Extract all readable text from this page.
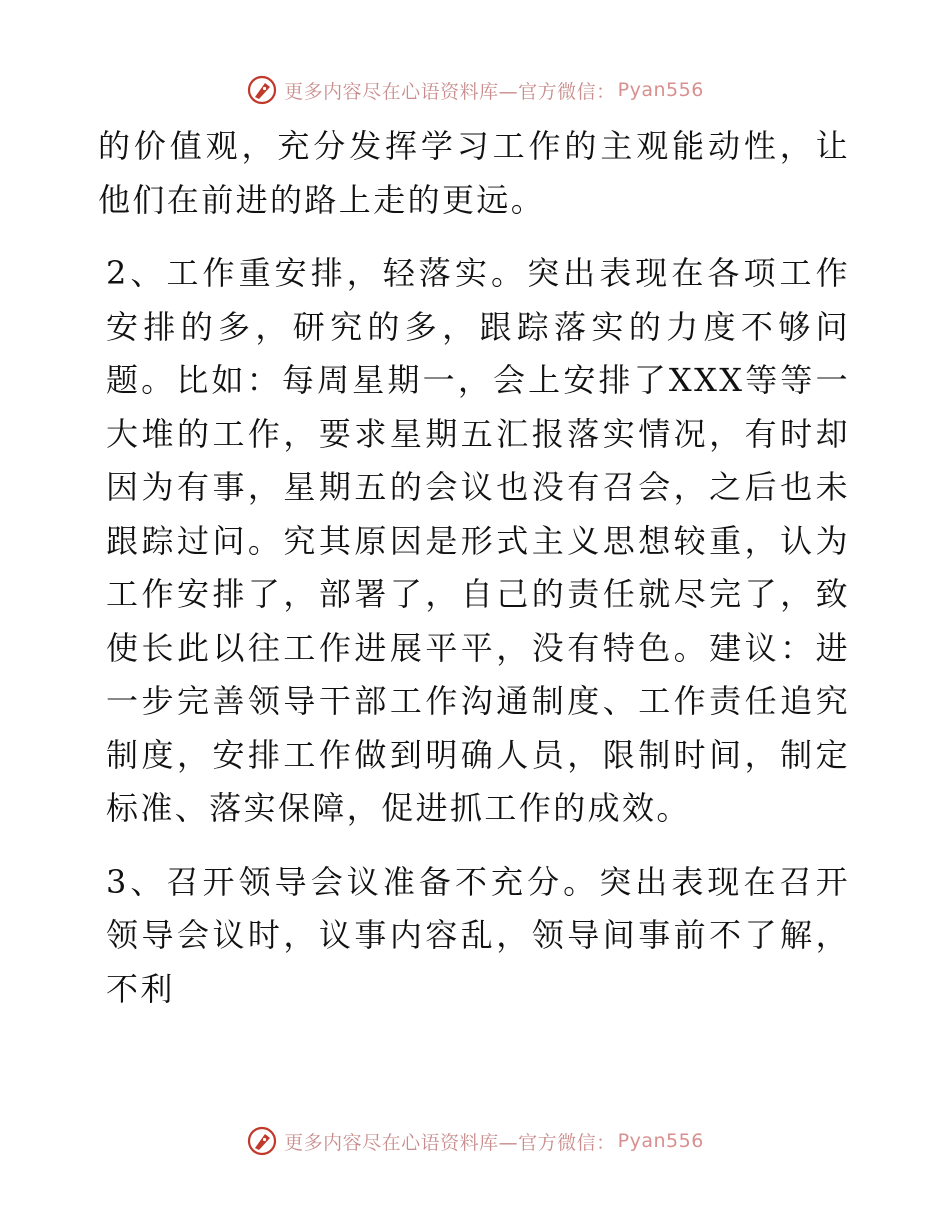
更多内容尽在心语资料库—官方微信： Pyan556

的价值观，充分发挥学习工作的主观能动性，让他们在前进的路上走的更远。

2、工作重安排，轻落实。突出表现在各项工作安排的多，研究的多，跟踪落实的力度不够问题。比如：每周星期一，会上安排了XXX等等一大堆的工作，要求星期五汇报落实情况，有时却因为有事，星期五的会议也没有召会，之后也未跟踪过问。究其原因是形式主义思想较重，认为工作安排了，部署了，自己的责任就尽完了，致使长此以往工作进展平平，没有特色。建议：进一步完善领导干部工作沟通制度、工作责任追究制度，安排工作做到明确人员，限制时间，制定标准、落实保障，促进抓工作的成效。

3、召开领导会议准备不充分。突出表现在召开领导会议时，议事内容乱，领导间事前不了解，不利

更多内容尽在心语资料库—官方微信： Pyan556
